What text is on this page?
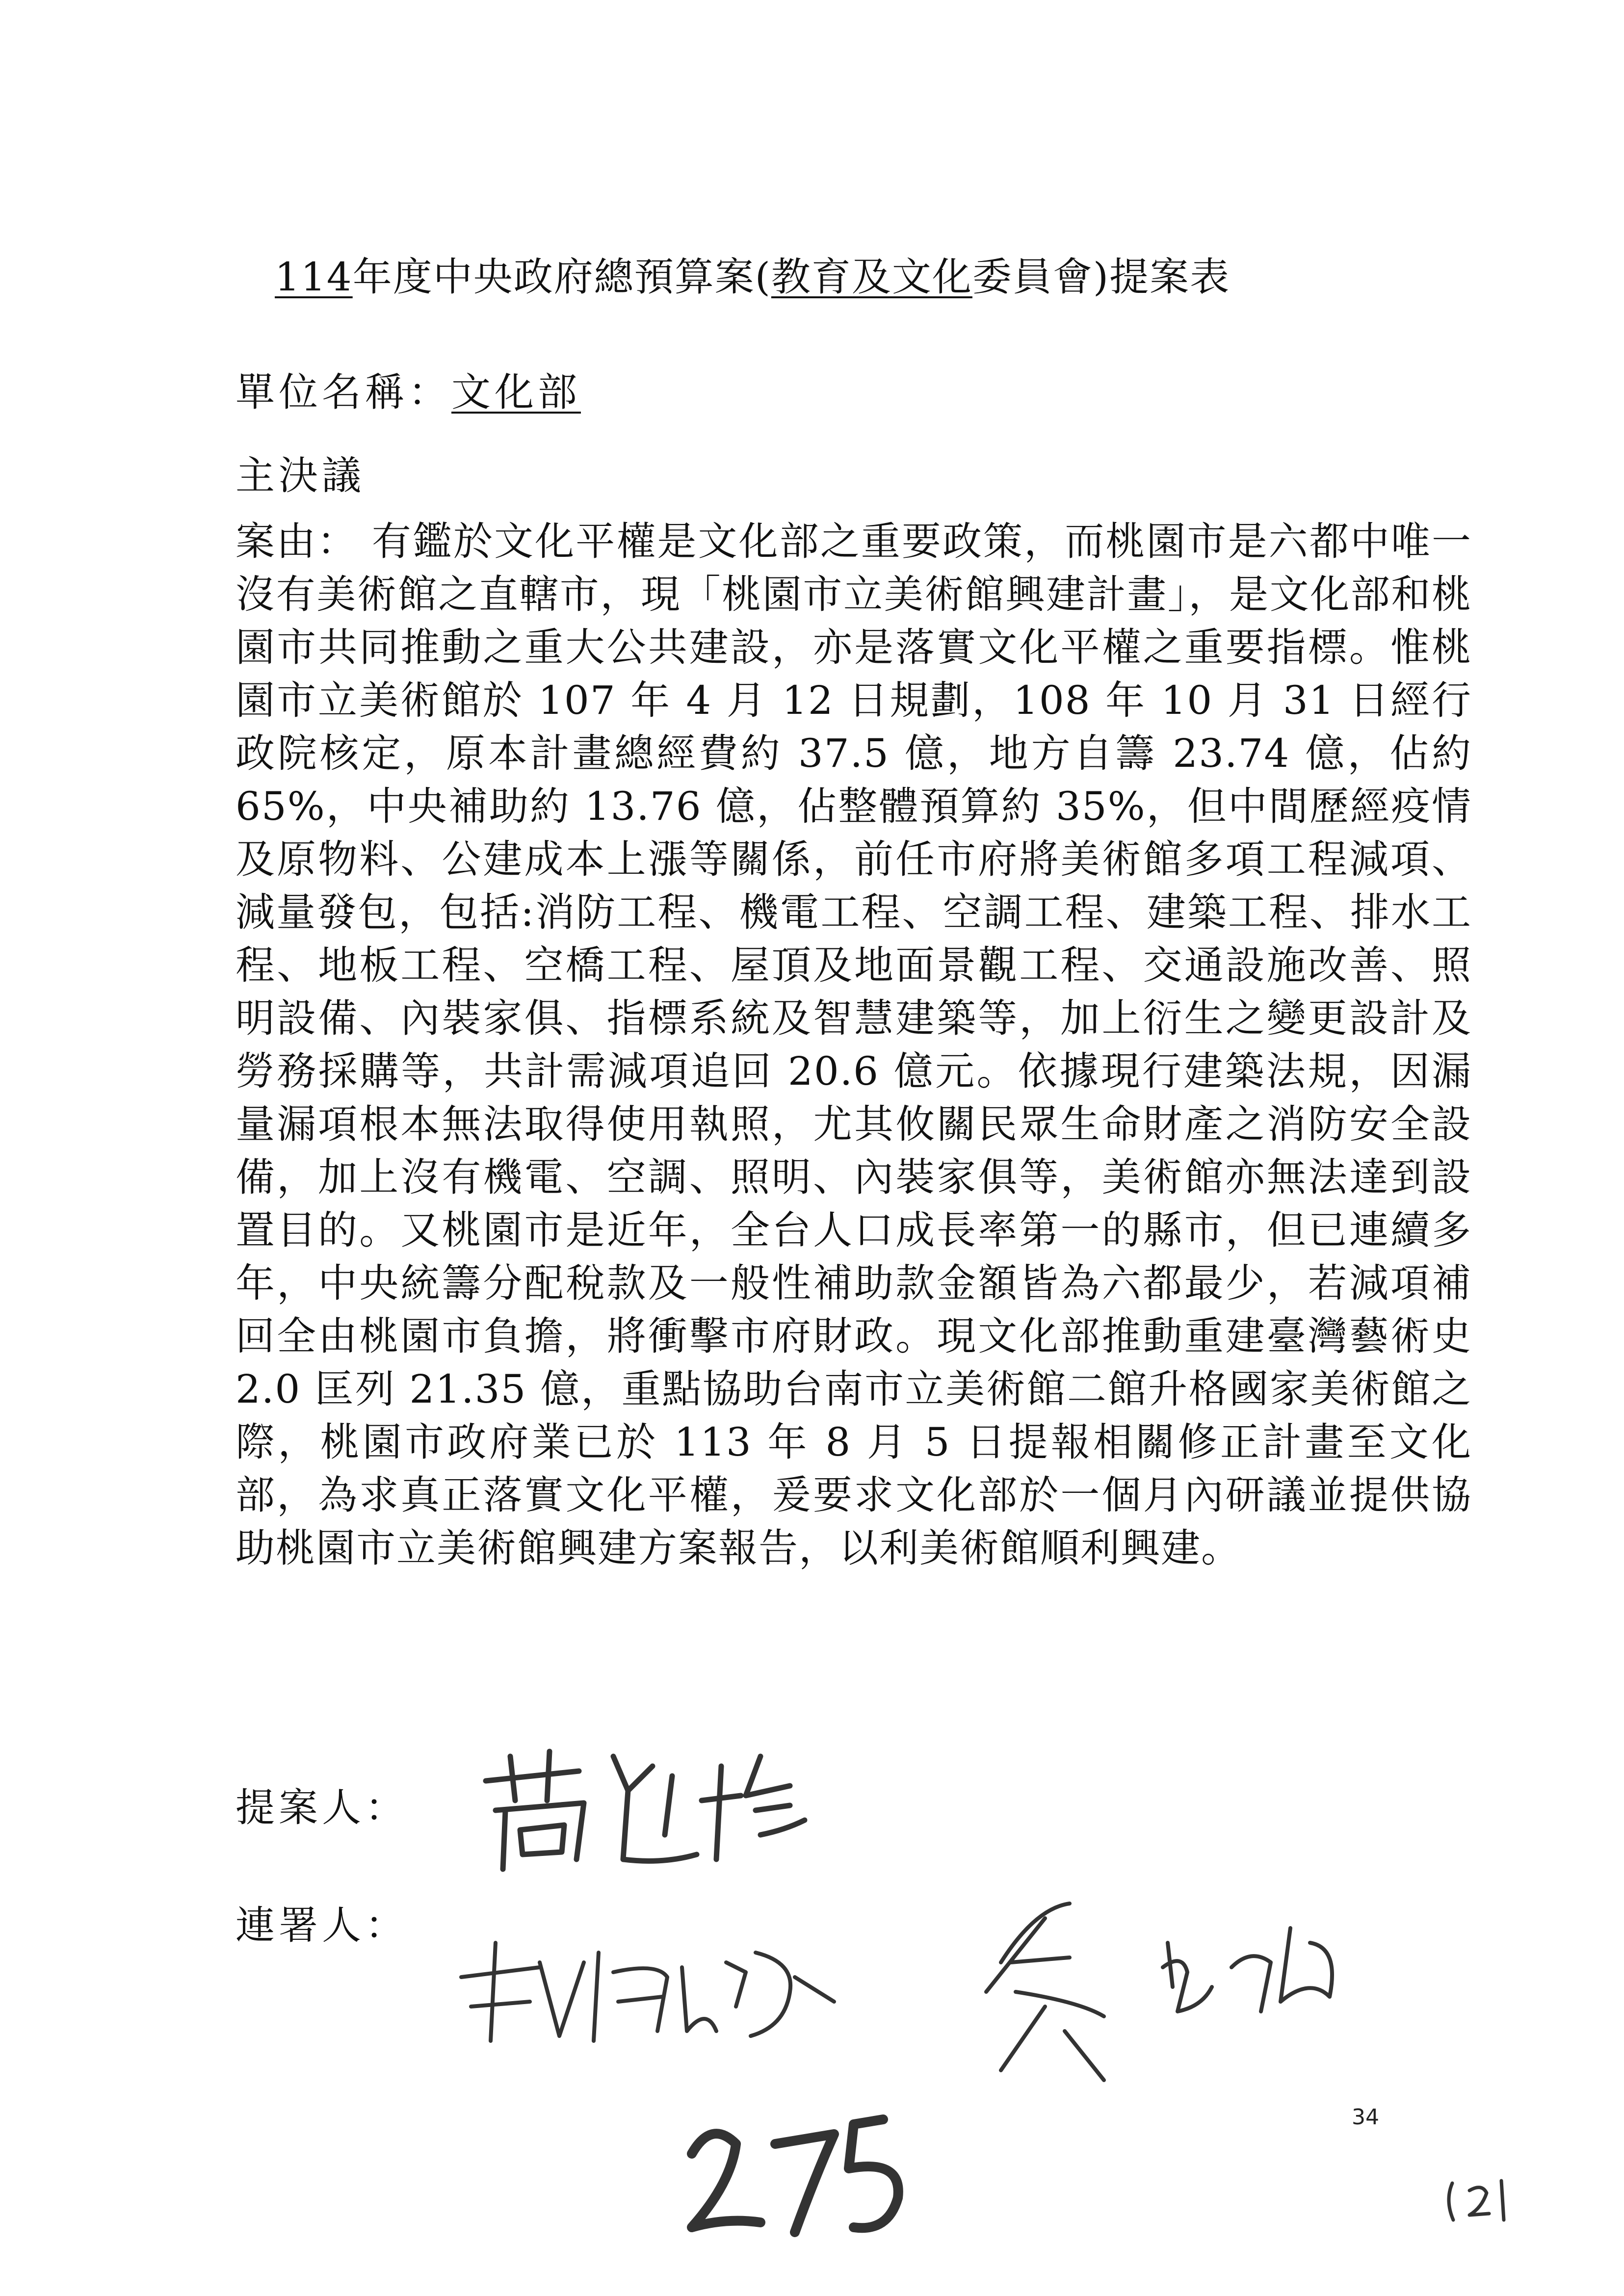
114年度中央政府總預算案(教育及文化委員會)提案表
單位名稱：文化部
主決議
案由： 有鑑於文化平權是文化部之重要政策，而桃園市是六都中唯一沒有美術館之直轄市，現「桃園市立美術館興建計畫」，是文化部和桃園市共同推動之重大公共建設，亦是落實文化平權之重要指標。惟桃園市立美術館於 107 年 4 月 12 日規劃，108 年 10 月 31 日經行政院核定，原本計畫總經費約 37.5 億，地方自籌 23.74 億，佔約 65%，中央補助約 13.76 億，佔整體預算約 35%，但中間歷經疫情及原物料、公建成本上漲等關係，前任市府將美術館多項工程減項、減量發包，包括:消防工程、機電工程、空調工程、建築工程、排水工程、地板工程、空橋工程、屋頂及地面景觀工程、交通設施改善、照明設備、內裝家俱、指標系統及智慧建築等，加上衍生之變更設計及勞務採購等，共計需減項追回 20.6 億元。依據現行建築法規，因漏量漏項根本無法取得使用執照，尤其攸關民眾生命財產之消防安全設備，加上沒有機電、空調、照明、內裝家俱等，美術館亦無法達到設置目的。又桃園市是近年，全台人口成長率第一的縣市，但已連續多年，中央統籌分配稅款及一般性補助款金額皆為六都最少，若減項補回全由桃園市負擔，將衝擊市府財政。現文化部推動重建臺灣藝術史 2.0 匡列 21.35 億，重點協助台南市立美術館二館升格國家美術館之際，桃園市政府業已於 113 年 8 月 5 日提報相關修正計畫至文化部，為求真正落實文化平權，爰要求文化部於一個月內研議並提供協助桃園市立美術館興建方案報告，以利美術館順利興建。
提案人：
連署人：
34
